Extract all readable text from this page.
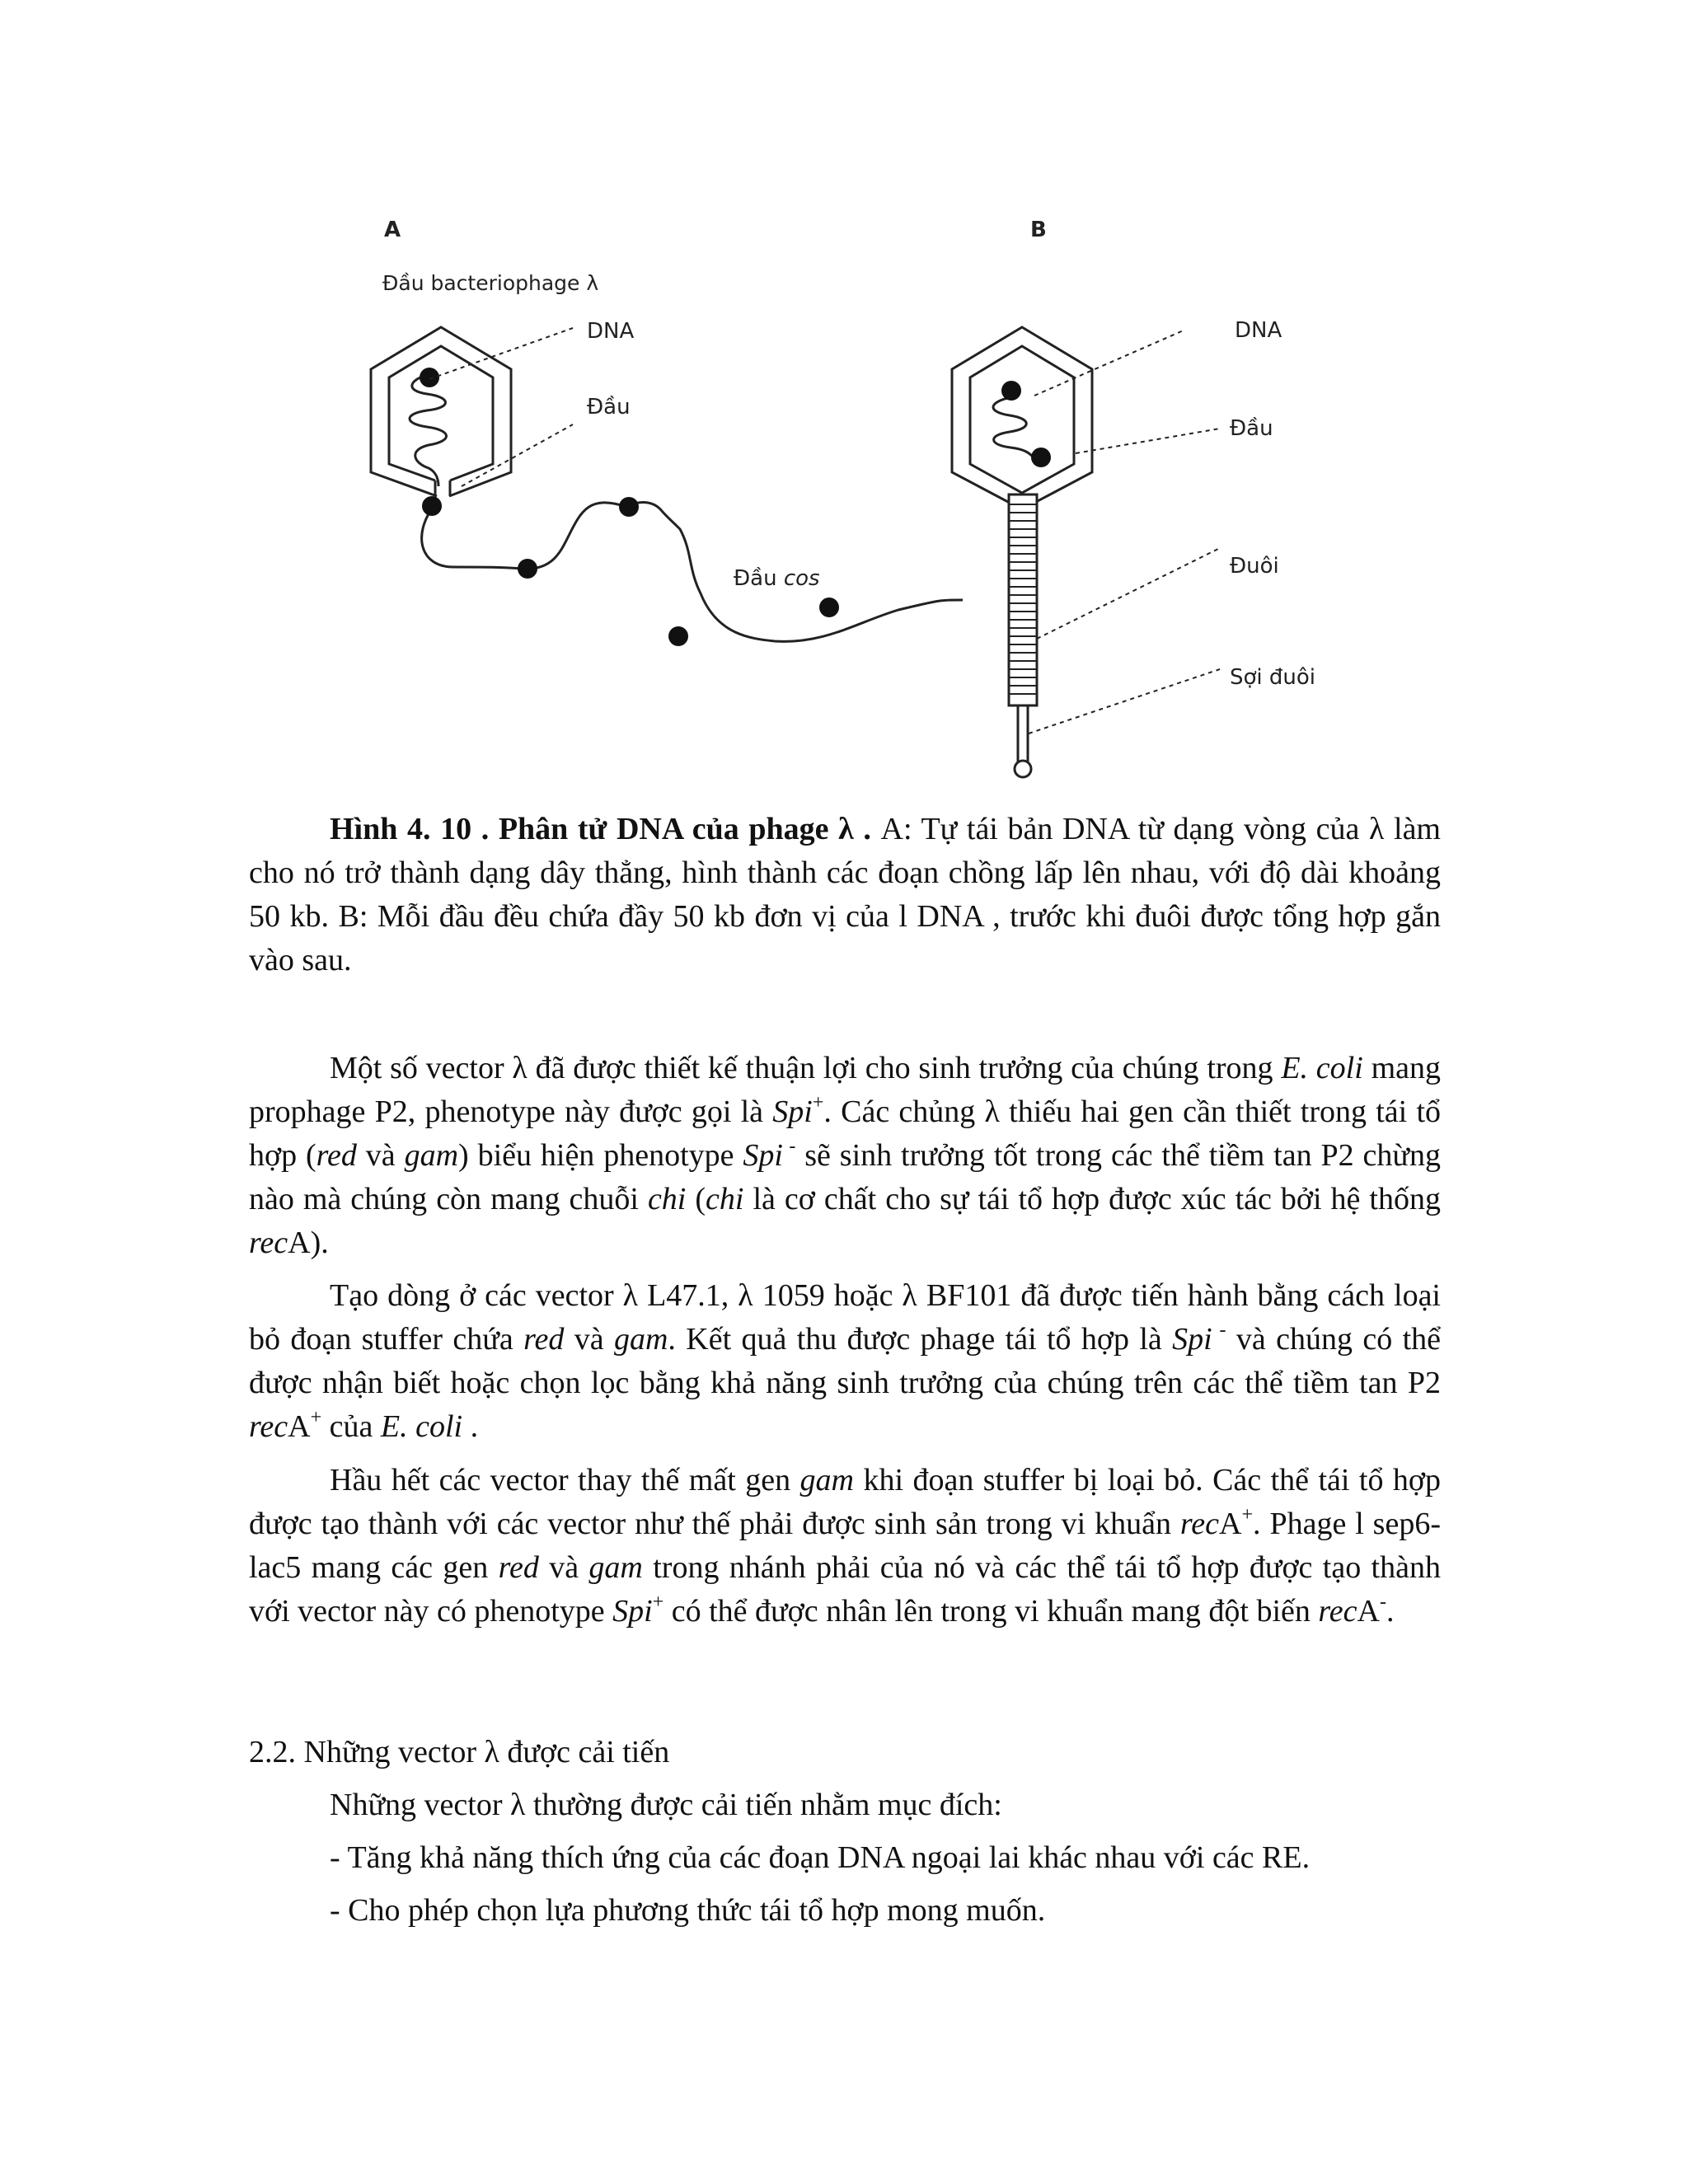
A
Đầu bacteriophage λ
DNA
Đầu
Đầu cos
B
DNA
Đầu
Đuôi
Sợi đuôi
Hình 4. 10 . Phân tử DNA của phage λ . A: Tự tái bản DNA từ dạng vòng của λ làm cho nó trở thành dạng dây thẳng, hình thành các đoạn chồng lấp lên nhau, với độ dài khoảng 50 kb. B: Mỗi đầu đều chứa đầy 50 kb đơn vị của l DNA , trước khi đuôi được tổng hợp gắn vào sau.
Một số vector λ đã được thiết kế thuận lợi cho sinh trưởng của chúng trong E. coli mang prophage P2, phenotype này được gọi là Spi+. Các chủng λ thiếu hai gen cần thiết trong tái tổ hợp (red và gam) biểu hiện phenotype Spi - sẽ sinh trưởng tốt trong các thể tiềm tan P2 chừng nào mà chúng còn mang chuỗi chi (chi là cơ chất cho sự tái tổ hợp được xúc tác bởi hệ thống recA).
Tạo dòng ở các vector λ L47.1, λ 1059 hoặc λ BF101 đã được tiến hành bằng cách loại bỏ đoạn stuffer chứa red và gam. Kết quả thu được phage tái tổ hợp là Spi - và chúng có thể được nhận biết hoặc chọn lọc bằng khả năng sinh trưởng của chúng trên các thể tiềm tan P2 recA+ của E. coli .
Hầu hết các vector thay thế mất gen gam khi đoạn stuffer bị loại bỏ. Các thể tái tổ hợp được tạo thành với các vector như thế phải được sinh sản trong vi khuẩn recA+. Phage l sep6-lac5 mang các gen red và gam trong nhánh phải của nó và các thể tái tổ hợp được tạo thành với vector này có phenotype Spi+ có thể được nhân lên trong vi khuẩn mang đột biến recA-.
2.2. Những vector λ được cải tiến
Những vector λ thường được cải tiến nhằm mục đích:
- Tăng khả năng thích ứng của các đoạn DNA ngoại lai khác nhau với các RE.
- Cho phép chọn lựa phương thức tái tổ hợp mong muốn.
